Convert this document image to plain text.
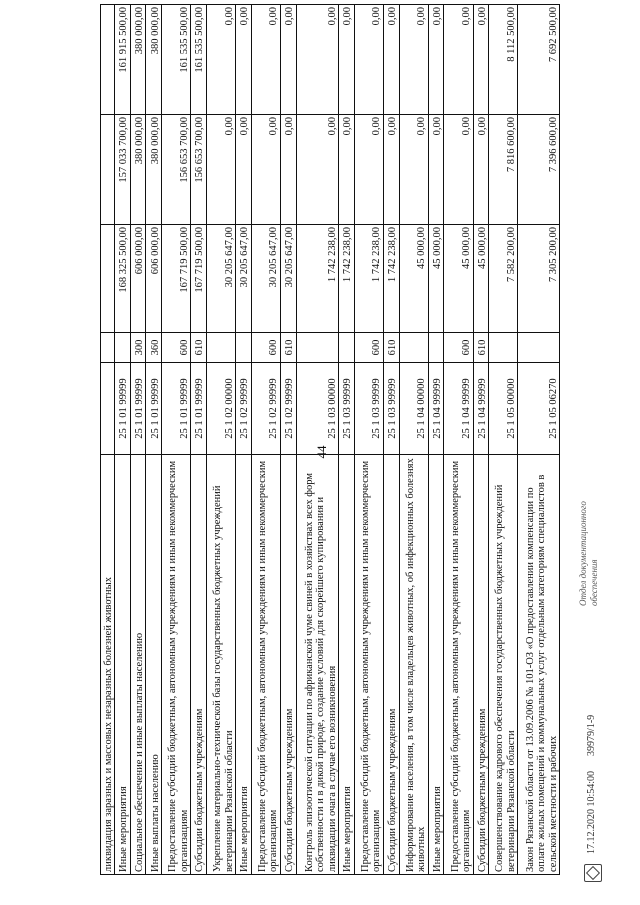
44
ликвидация заразных и массовых незаразных болезней животных					
Иные мероприятия	25 1 01 99999		168 325 500,00	157 033 700,00	161 915 500,00
Социальное обеспечение и иные выплаты населению	25 1 01 99999	300	606 000,00	380 000,00	380 000,00
Иные выплаты населению	25 1 01 99999	360	606 000,00	380 000,00	380 000,00
Предоставление субсидий бюджетным, автономным учреждениям и иным некоммерческим организациям	25 1 01 99999	600	167 719 500,00	156 653 700,00	161 535 500,00
Субсидии бюджетным учреждениям	25 1 01 99999	610	167 719 500,00	156 653 700,00	161 535 500,00
Укрепление материально-технической базы государственных бюджетных учреждений ветеринарии Рязанской области	25 1 02 00000		30 205 647,00	0,00	0,00
Иные мероприятия	25 1 02 99999		30 205 647,00	0,00	0,00
Предоставление субсидий бюджетным, автономным учреждениям и иным некоммерческим организациям	25 1 02 99999	600	30 205 647,00	0,00	0,00
Субсидии бюджетным учреждениям	25 1 02 99999	610	30 205 647,00	0,00	0,00
Контроль эпизоотической ситуации по африканской чуме свиней в хозяйствах всех форм собственности и в дикой природе, создание условий для скорейшего купирования и ликвидации очага в случае его возникновения	25 1 03 00000		1 742 238,00	0,00	0,00
Иные мероприятия	25 1 03 99999		1 742 238,00	0,00	0,00
Предоставление субсидий бюджетным, автономным учреждениям и иным некоммерческим организациям	25 1 03 99999	600	1 742 238,00	0,00	0,00
Субсидии бюджетным учреждениям	25 1 03 99999	610	1 742 238,00	0,00	0,00
Информирование населения, в том числе владельцев животных, об инфекционных болезнях животных	25 1 04 00000		45 000,00	0,00	0,00
Иные мероприятия	25 1 04 99999		45 000,00	0,00	0,00
Предоставление субсидий бюджетным, автономным учреждениям и иным некоммерческим организациям	25 1 04 99999	600	45 000,00	0,00	0,00
Субсидии бюджетным учреждениям	25 1 04 99999	610	45 000,00	0,00	0,00
Совершенствование кадрового обеспечения государственных бюджетных учреждений ветеринарии Рязанской области	25 1 05 00000		7 582 200,00	7 816 600,00	8 112 500,00
Закон Рязанской области от 13.09.2006 № 101-ОЗ «О предоставлении компенсации по оплате жилых помещений и коммунальных услуг отдельным категориям специалистов в сельской местности и рабочих	25 1 05 06270		7 305 200,00	7 396 600,00	7 692 500,00
17.12.2020 10:54:00      39979/1-9
Отдел документационного обеспечения
